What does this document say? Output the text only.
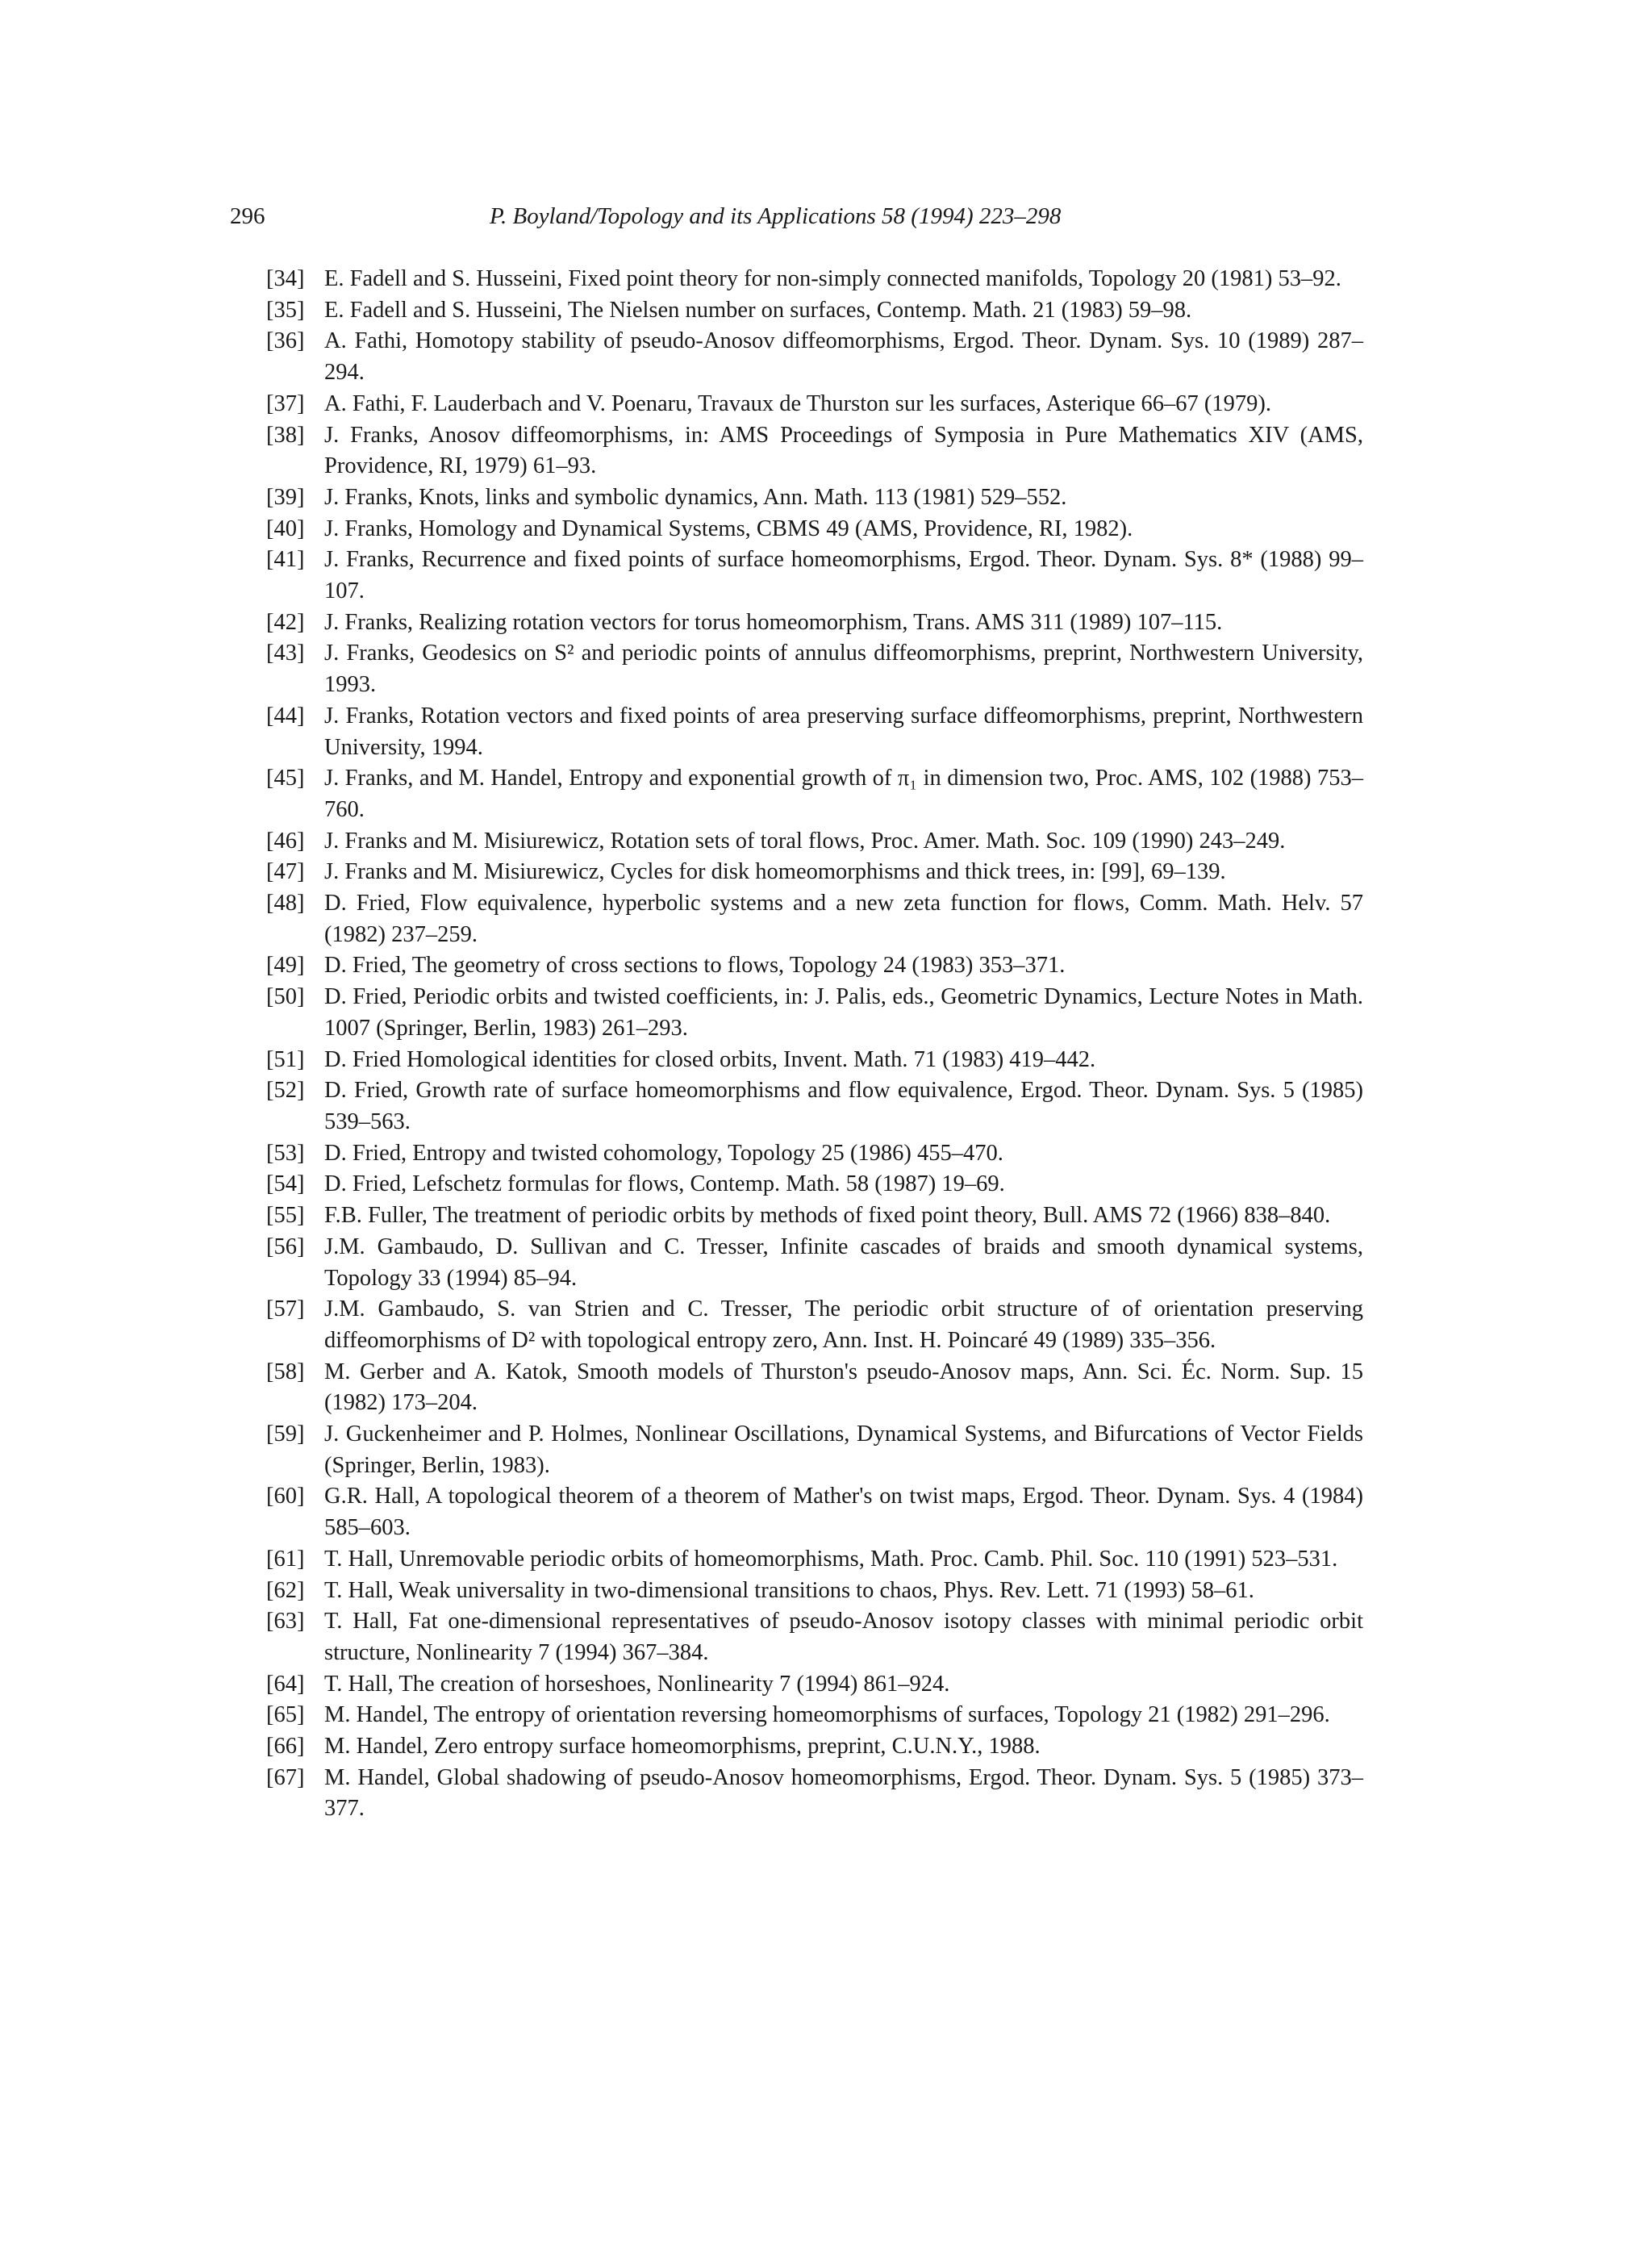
296	P. Boyland/Topology and its Applications 58 (1994) 223–298
[34] E. Fadell and S. Husseini, Fixed point theory for non-simply connected manifolds, Topology 20 (1981) 53–92.
[35] E. Fadell and S. Husseini, The Nielsen number on surfaces, Contemp. Math. 21 (1983) 59–98.
[36] A. Fathi, Homotopy stability of pseudo-Anosov diffeomorphisms, Ergod. Theor. Dynam. Sys. 10 (1989) 287–294.
[37] A. Fathi, F. Lauderbach and V. Poenaru, Travaux de Thurston sur les surfaces, Asterique 66–67 (1979).
[38] J. Franks, Anosov diffeomorphisms, in: AMS Proceedings of Symposia in Pure Mathematics XIV (AMS, Providence, RI, 1979) 61–93.
[39] J. Franks, Knots, links and symbolic dynamics, Ann. Math. 113 (1981) 529–552.
[40] J. Franks, Homology and Dynamical Systems, CBMS 49 (AMS, Providence, RI, 1982).
[41] J. Franks, Recurrence and fixed points of surface homeomorphisms, Ergod. Theor. Dynam. Sys. 8* (1988) 99–107.
[42] J. Franks, Realizing rotation vectors for torus homeomorphism, Trans. AMS 311 (1989) 107–115.
[43] J. Franks, Geodesics on S² and periodic points of annulus diffeomorphisms, preprint, Northwestern University, 1993.
[44] J. Franks, Rotation vectors and fixed points of area preserving surface diffeomorphisms, preprint, Northwestern University, 1994.
[45] J. Franks, and M. Handel, Entropy and exponential growth of π₁ in dimension two, Proc. AMS, 102 (1988) 753–760.
[46] J. Franks and M. Misiurewicz, Rotation sets of toral flows, Proc. Amer. Math. Soc. 109 (1990) 243–249.
[47] J. Franks and M. Misiurewicz, Cycles for disk homeomorphisms and thick trees, in: [99], 69–139.
[48] D. Fried, Flow equivalence, hyperbolic systems and a new zeta function for flows, Comm. Math. Helv. 57 (1982) 237–259.
[49] D. Fried, The geometry of cross sections to flows, Topology 24 (1983) 353–371.
[50] D. Fried, Periodic orbits and twisted coefficients, in: J. Palis, eds., Geometric Dynamics, Lecture Notes in Math. 1007 (Springer, Berlin, 1983) 261–293.
[51] D. Fried Homological identities for closed orbits, Invent. Math. 71 (1983) 419–442.
[52] D. Fried, Growth rate of surface homeomorphisms and flow equivalence, Ergod. Theor. Dynam. Sys. 5 (1985) 539–563.
[53] D. Fried, Entropy and twisted cohomology, Topology 25 (1986) 455–470.
[54] D. Fried, Lefschetz formulas for flows, Contemp. Math. 58 (1987) 19–69.
[55] F.B. Fuller, The treatment of periodic orbits by methods of fixed point theory, Bull. AMS 72 (1966) 838–840.
[56] J.M. Gambaudo, D. Sullivan and C. Tresser, Infinite cascades of braids and smooth dynamical systems, Topology 33 (1994) 85–94.
[57] J.M. Gambaudo, S. van Strien and C. Tresser, The periodic orbit structure of of orientation preserving diffeomorphisms of D² with topological entropy zero, Ann. Inst. H. Poincaré 49 (1989) 335–356.
[58] M. Gerber and A. Katok, Smooth models of Thurston's pseudo-Anosov maps, Ann. Sci. Éc. Norm. Sup. 15 (1982) 173–204.
[59] J. Guckenheimer and P. Holmes, Nonlinear Oscillations, Dynamical Systems, and Bifurcations of Vector Fields (Springer, Berlin, 1983).
[60] G.R. Hall, A topological theorem of a theorem of Mather's on twist maps, Ergod. Theor. Dynam. Sys. 4 (1984) 585–603.
[61] T. Hall, Unremovable periodic orbits of homeomorphisms, Math. Proc. Camb. Phil. Soc. 110 (1991) 523–531.
[62] T. Hall, Weak universality in two-dimensional transitions to chaos, Phys. Rev. Lett. 71 (1993) 58–61.
[63] T. Hall, Fat one-dimensional representatives of pseudo-Anosov isotopy classes with minimal periodic orbit structure, Nonlinearity 7 (1994) 367–384.
[64] T. Hall, The creation of horseshoes, Nonlinearity 7 (1994) 861–924.
[65] M. Handel, The entropy of orientation reversing homeomorphisms of surfaces, Topology 21 (1982) 291–296.
[66] M. Handel, Zero entropy surface homeomorphisms, preprint, C.U.N.Y., 1988.
[67] M. Handel, Global shadowing of pseudo-Anosov homeomorphisms, Ergod. Theor. Dynam. Sys. 5 (1985) 373–377.
